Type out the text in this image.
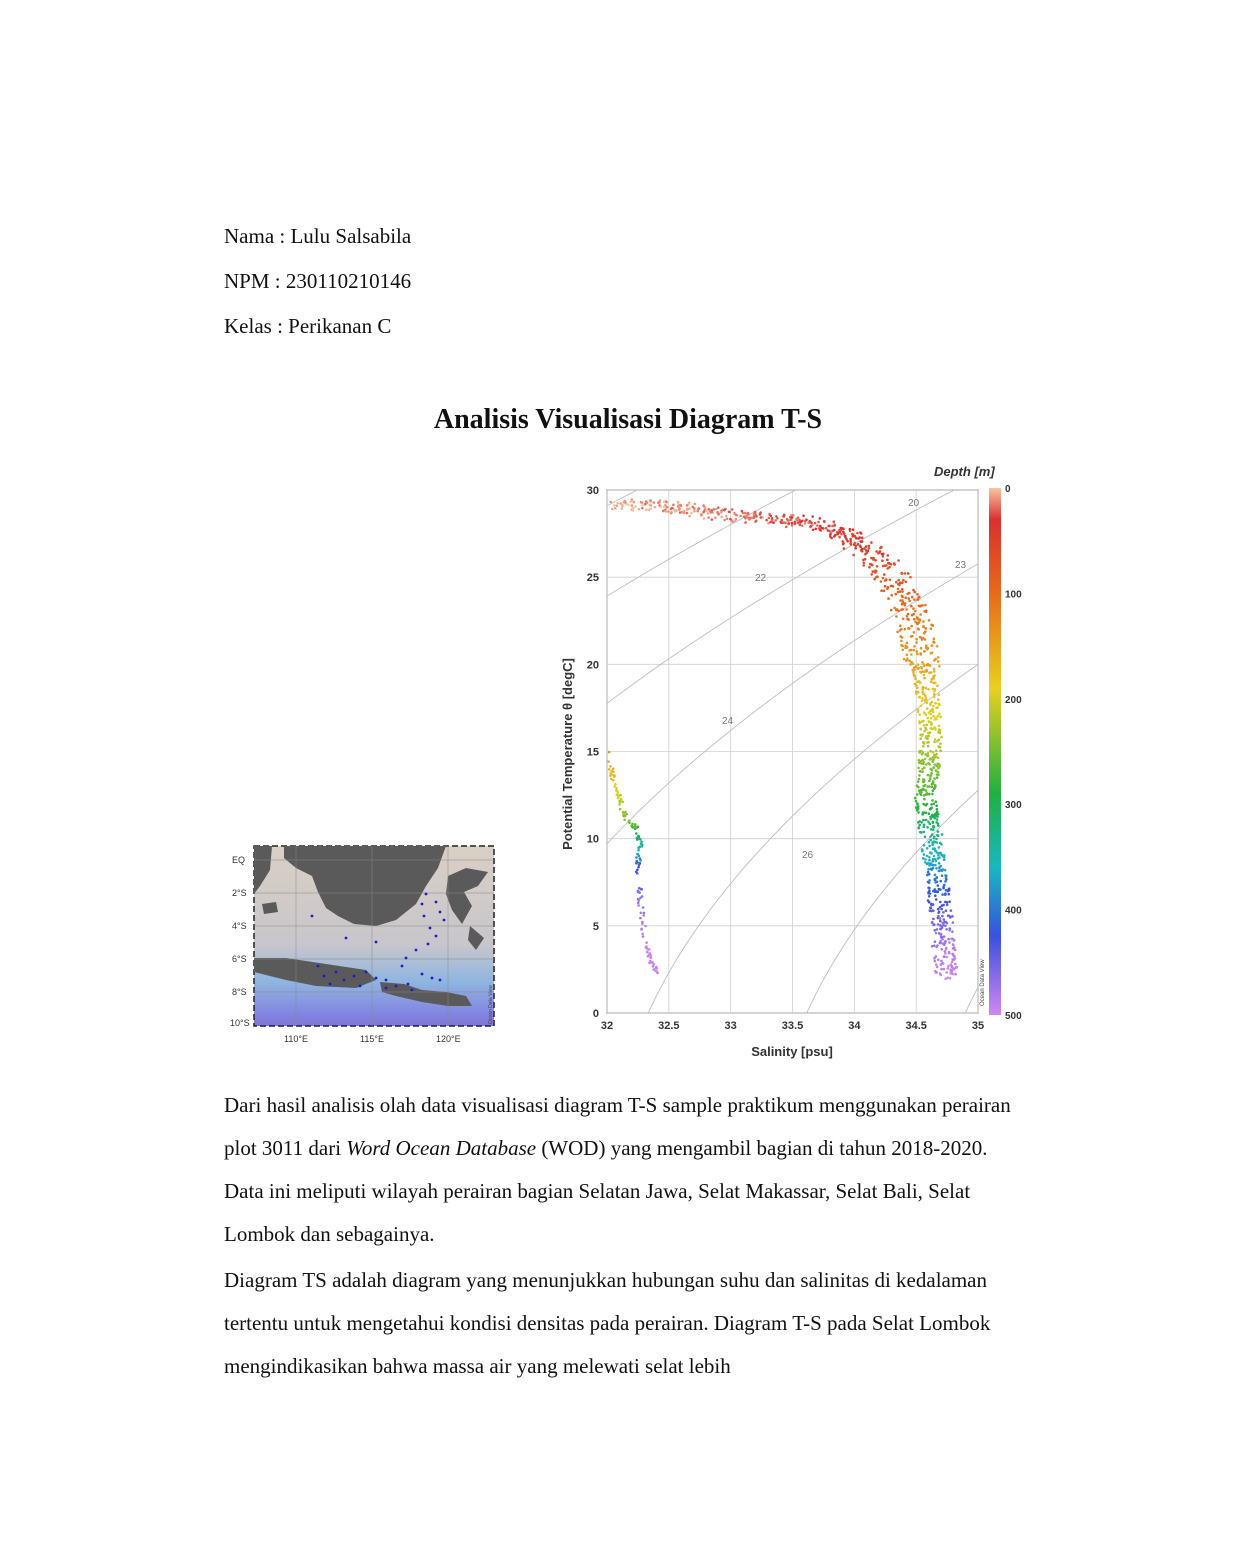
Nama : Lulu Salsabila
NPM : 230110210146
Kelas : Perikanan C
Analisis Visualisasi Diagram T-S
EQ
2°S
4°S
6°S
8°S
10°S
110°E	115°E	120°E
Ocean Data View
20
22
23
24
26
32	32.5	33	33.5	34	34.5	35
0
5
10
15
20
25
30
Salinity [psu]
Potential Temperature θ [degC]
Depth [m]
0
100
200
300
400
500
Ocean Data View
Dari hasil analisis olah data visualisasi diagram T-S sample praktikum menggunakan perairan plot 3011 dari Word Ocean Database (WOD) yang mengambil bagian di tahun 2018-2020. Data ini meliputi wilayah perairan bagian Selatan Jawa, Selat Makassar, Selat Bali, Selat Lombok dan sebagainya.
Diagram TS adalah diagram yang menunjukkan hubungan suhu dan salinitas di kedalaman tertentu untuk mengetahui kondisi densitas pada perairan. Diagram T-S pada Selat Lombok mengindikasikan bahwa massa air yang melewati selat lebih
